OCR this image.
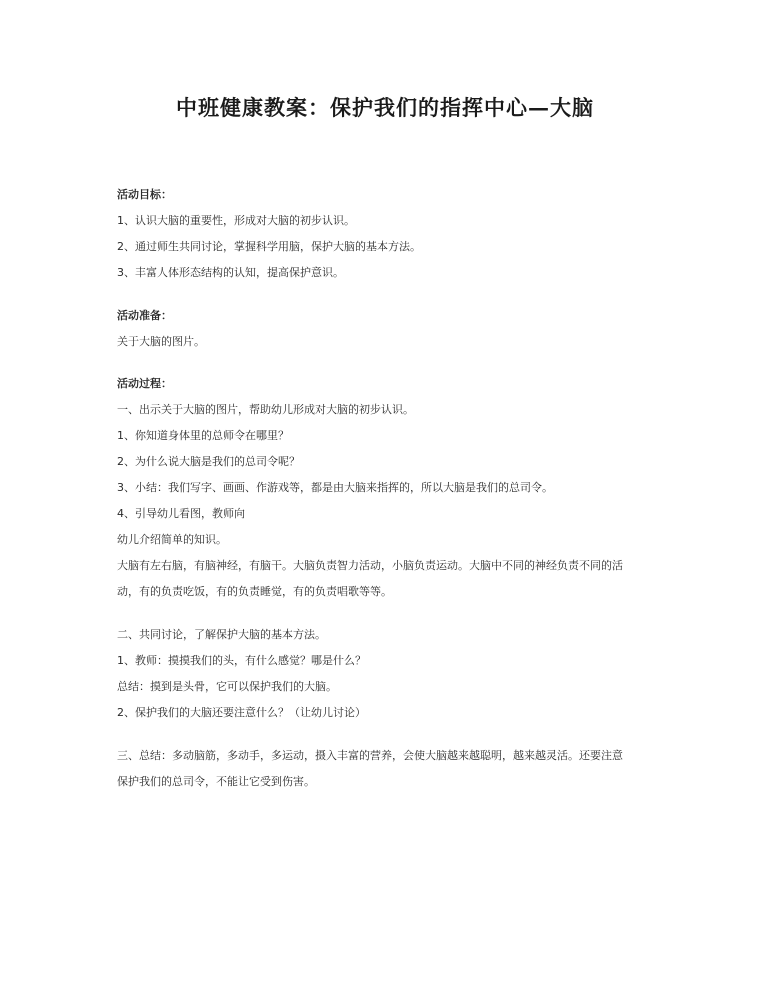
中班健康教案：保护我们的指挥中心—大脑
活动目标：
1、认识大脑的重要性，形成对大脑的初步认识。
2、通过师生共同讨论，掌握科学用脑，保护大脑的基本方法。
3、丰富人体形态结构的认知，提高保护意识。
活动准备：
关于大脑的图片。
活动过程：
一、出示关于大脑的图片，帮助幼儿形成对大脑的初步认识。
1、你知道身体里的总师令在哪里？
2、为什么说大脑是我们的总司令呢？
3、小结：我们写字、画画、作游戏等，都是由大脑来指挥的，所以大脑是我们的总司令。
4、引导幼儿看图，教师向
幼儿介绍简单的知识。
大脑有左右脑，有脑神经，有脑干。大脑负责智力活动，小脑负责运动。大脑中不同的神经负责不同的活
动，有的负责吃饭，有的负责睡觉，有的负责唱歌等等。
二、共同讨论，了解保护大脑的基本方法。
1、教师：摸摸我们的头，有什么感觉？哪是什么？
总结：摸到是头骨，它可以保护我们的大脑。
2、保护我们的大脑还要注意什么？（让幼儿讨论）
三、总结：多动脑筋，多动手，多运动，摄入丰富的营养，会使大脑越来越聪明，越来越灵活。还要注意
保护我们的总司令，不能让它受到伤害。
